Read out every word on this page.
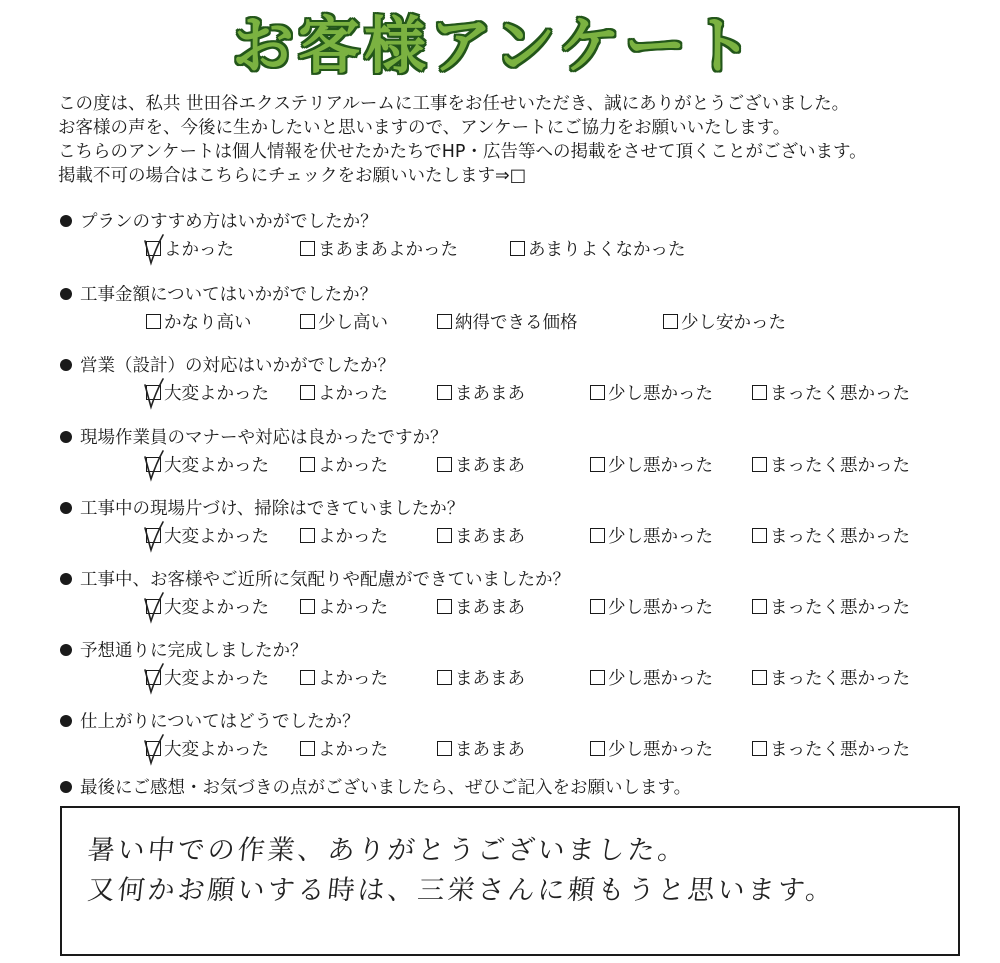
お客様アンケート
この度は、私共 世田谷エクステリアルームに工事をお任せいただき、誠にありがとうございました。
お客様の声を、今後に生かしたいと思いますので、アンケートにご協力をお願いいたします。
こちらのアンケートは個人情報を伏せたかたちでHP・広告等への掲載をさせて頂くことがございます。
掲載不可の場合はこちらにチェックをお願いいたします⇒□
プランのすすめ方はいかがでしたか？
よかった	まあまあよかった	あまりよくなかった
工事金額についてはいかがでしたか？
かなり高い	少し高い	納得できる価格	少し安かった
営業（設計）の対応はいかがでしたか？
大変よかった	よかった	まあまあ	少し悪かった	まったく悪かった
現場作業員のマナーや対応は良かったですか？
大変よかった	よかった	まあまあ	少し悪かった	まったく悪かった
工事中の現場片づけ、掃除はできていましたか？
大変よかった	よかった	まあまあ	少し悪かった	まったく悪かった
工事中、お客様やご近所に気配りや配慮ができていましたか？
大変よかった	よかった	まあまあ	少し悪かった	まったく悪かった
予想通りに完成しましたか？
大変よかった	よかった	まあまあ	少し悪かった	まったく悪かった
仕上がりについてはどうでしたか？
大変よかった	よかった	まあまあ	少し悪かった	まったく悪かった
最後にご感想・お気づきの点がございましたら、ぜひご記入をお願いします。
暑い中での作業、ありがとうございました。
又何かお願いする時は、三栄さんに頼もうと思います。
